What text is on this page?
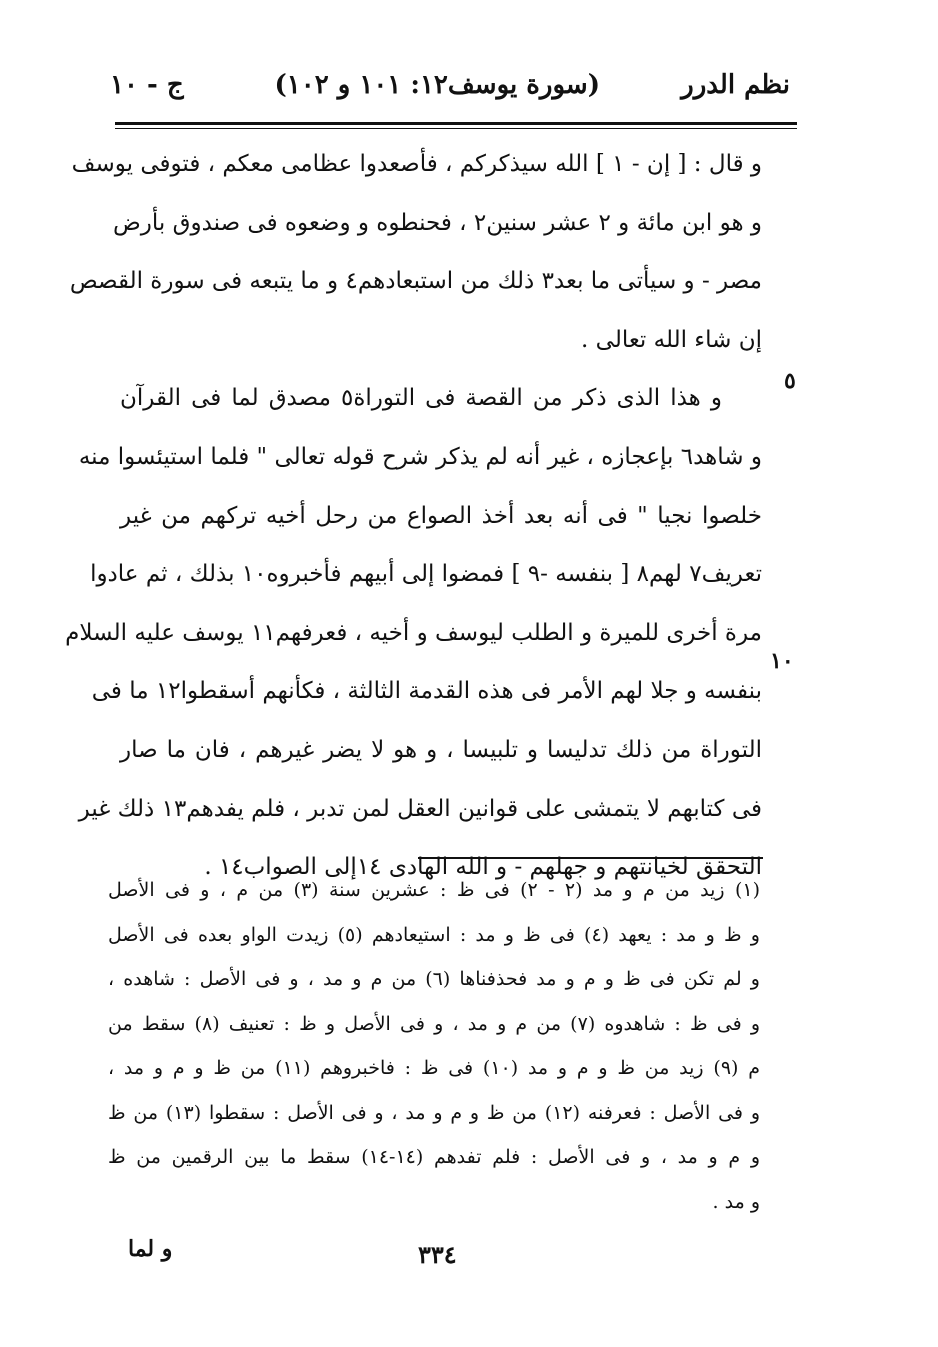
نظم الدرر
(سورة يوسف١٢: ١٠١ و ١٠٢)
ج - ١٠
و قال : [ إن - ١ ] الله سيذكركم ، فأصعدوا عظامى معكم ، فتوفى يوسف
و هو ابن مائة و ٢ عشر سنين٢ ، فحنطوه و وضعوه فى صندوق بأرض
مصر - و سيأتى ما بعد٣ ذلك من استبعادهم٤ و ما يتبعه فى سورة القصص
إن شاء الله تعالى .
و هذا الذى ذكر من القصة فى التوراة٥ مصدق لما فى القرآن
و شاهد٦ بإعجازه ، غير أنه لم يذكر شرح قوله تعالى " فلما استيئسوا منه
خلصوا نجيا " فى أنه بعد أخذ الصواع من رحل أخيه تركهم من غير
تعريف٧ لهم٨ [ بنفسه -٩ ] فمضوا إلى أبيهم فأخبروه١٠ بذلك ، ثم عادوا
مرة أخرى للميرة و الطلب ليوسف و أخيه ، فعرفهم١١ يوسف عليه السلام
بنفسه و جلا لهم الأمر فى هذه القدمة الثالثة ، فكأنهم أسقطوا١٢ ما فى
التوراة من ذلك تدليسا و تلبيسا ، و هو لا يضر غيرهم ، فان ما صار
فى كتابهم لا يتمشى على قوانين العقل لمن تدبر ، فلم يفدهم١٣ ذلك غير
التحقق لخيانتهم و جهلهم - و الله الهادى ١٤إلى الصواب١٤ .
٥
١٠
(١) زيد من م و مد (٢ - ٢) فى ظ : عشرين سنة (٣) من م ، و فى الأصل
و ظ و مد : يعهد (٤) فى ظ و مد : استيعادهم (٥) زيدت الواو بعده فى الأصل
و لم تكن فى ظ و م و مد فحذفناها (٦) من م و مد ، و فى الأصل : شاهده ،
و فى ظ : شاهدوه (٧) من م و مد ، و فى الأصل و ظ : تعنيف (٨) سقط من
م (٩) زيد من ظ و م و مد (١٠) فى ظ : فاخبروهم (١١) من ظ و م و مد ،
و فى الأصل : فعرفنه (١٢) من ظ و م و مد ، و فى الأصل : سقطوا (١٣) من ظ
و م و مد ، و فى الأصل : فلم تفدهم (١٤-١٤) سقط ما بين الرقمين من ظ
و مد .
٣٣٤
و لما
